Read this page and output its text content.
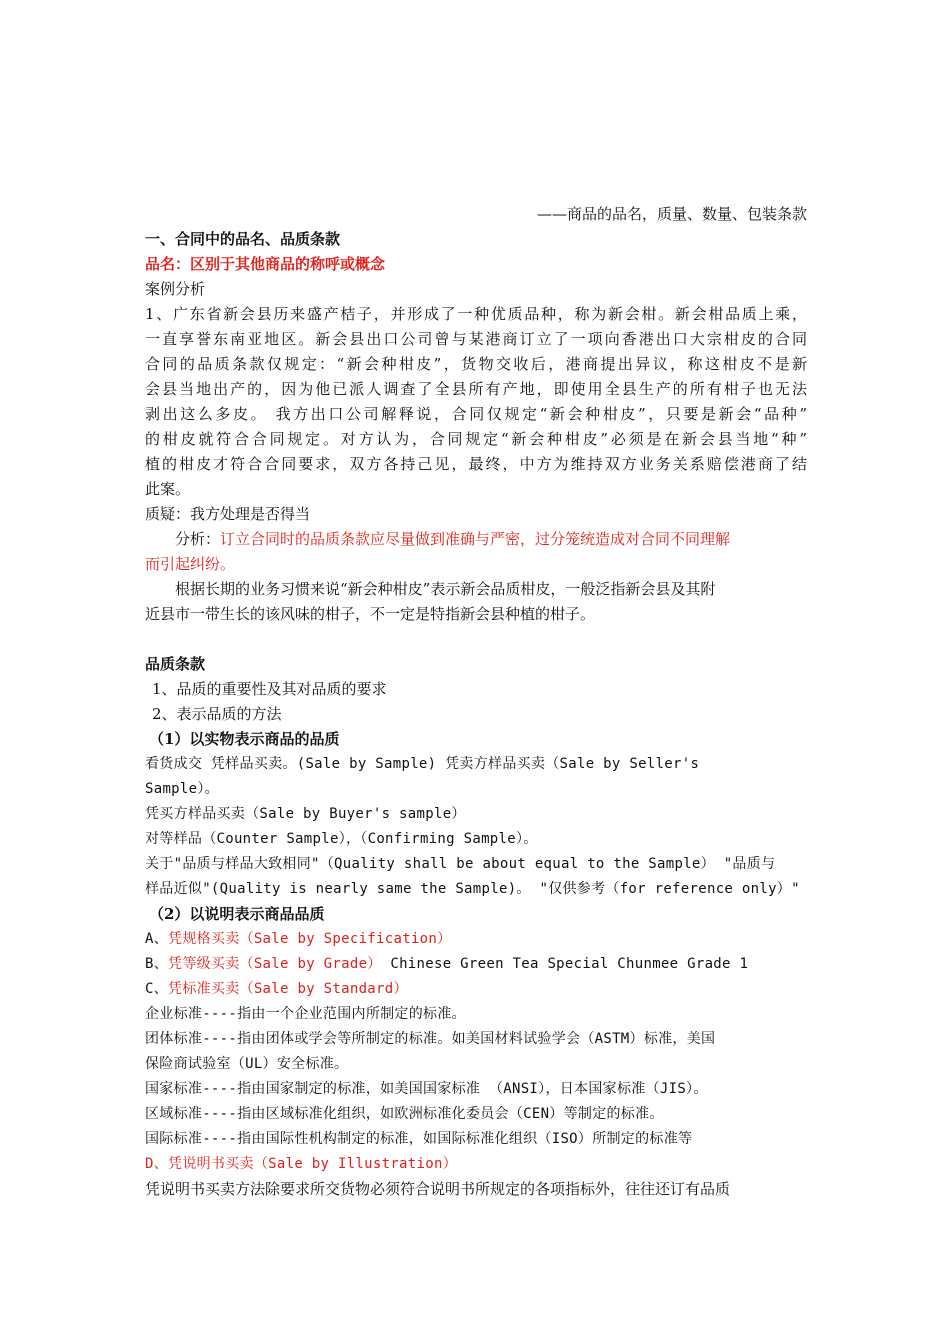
——商品的品名，质量、数量、包装条款
一、合同中的品名、品质条款
品名：区别于其他商品的称呼或概念
案例分析
1、广东省新会县历来盛产桔子，并形成了一种优质品种，称为新会柑。新会柑品质上乘，
一直享誉东南亚地区。新会县出口公司曾与某港商订立了一项向香港出口大宗柑皮的合同
合同的品质条款仅规定：“新会种柑皮”，货物交收后，港商提出异议，称这柑皮不是新
会县当地出产的，因为他已派人调查了全县所有产地，即使用全县生产的所有柑子也无法
剥出这么多皮。 我方出口公司解释说，合同仅规定“新会种柑皮”，只要是新会“品种”
的柑皮就符合合同规定。对方认为，合同规定“新会种柑皮”必须是在新会县当地“种”
植的柑皮才符合合同要求，双方各持己见，最终，中方为维持双方业务关系赔偿港商了结
此案。
质疑：我方处理是否得当
分析：订立合同时的品质条款应尽量做到准确与严密，过分笼统造成对合同不同理解
而引起纠纷。
根据长期的业务习惯来说“新会种柑皮”表示新会品质柑皮，一般泛指新会县及其附
近县市一带生长的该风味的柑子，不一定是特指新会县种植的柑子。
品质条款
1、品质的重要性及其对品质的要求
2、表示品质的方法
（1）以实物表示商品的品质
看货成交 凭样品买卖。(Sale by Sample) 凭卖方样品买卖（Sale by Seller's
Sample）。
凭买方样品买卖（Sale by Buyer's sample）
对等样品（Counter Sample），（Confirming Sample）。
关于"品质与样品大致相同"（Quality shall be about equal to the Sample） "品质与
样品近似"(Quality is nearly same the Sample)。 "仅供参考（for reference only）"
（2）以说明表示商品品质
A、凭规格买卖（Sale by Specification）
B、凭等级买卖（Sale by Grade） Chinese Green Tea Special Chunmee Grade 1
C、凭标准买卖（Sale by Standard）
企业标准----指由一个企业范围内所制定的标准。
团体标准----指由团体或学会等所制定的标准。如美国材料试验学会（ASTM）标准，美国
保险商试验室（UL）安全标准。
国家标准----指由国家制定的标准，如美国国家标准 （ANSI），日本国家标准（JIS）。
区域标准----指由区域标准化组织，如欧洲标准化委员会（CEN）等制定的标准。
国际标准----指由国际性机构制定的标准，如国际标准化组织（ISO）所制定的标准等
D、凭说明书买卖（Sale by Illustration）
凭说明书买卖方法除要求所交货物必须符合说明书所规定的各项指标外，往往还订有品质
